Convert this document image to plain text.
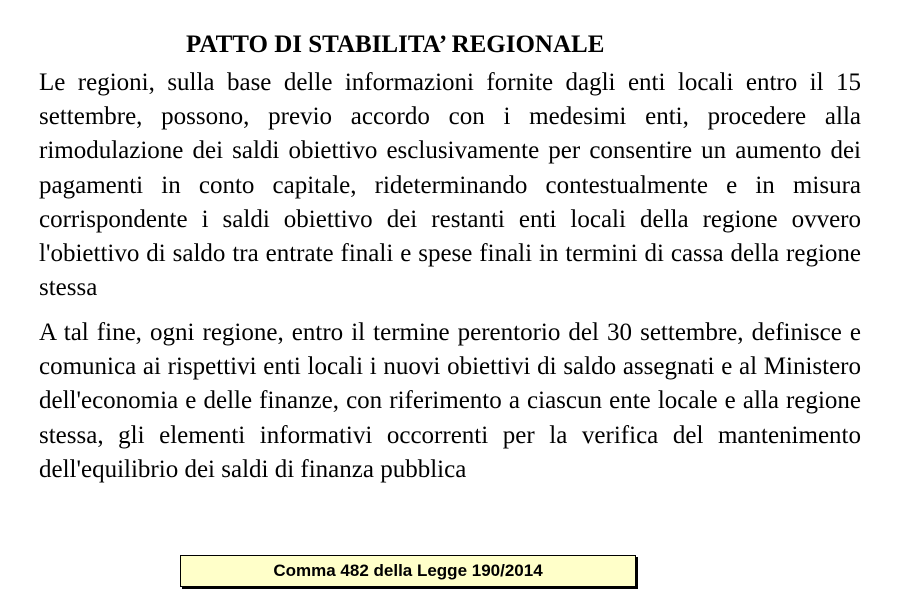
PATTO DI STABILITA’ REGIONALE

Le regioni, sulla base delle informazioni fornite dagli enti locali entro il 15 settembre, possono, previo accordo con i medesimi enti, procedere alla rimodulazione dei saldi obiettivo esclusivamente per consentire un aumento dei pagamenti in conto capitale, rideterminando contestualmente e in misura corrispondente i saldi obiettivo dei restanti enti locali della regione ovvero l'obiettivo di saldo tra entrate finali e spese finali in termini di cassa della regione stessa

A tal fine, ogni regione, entro il termine perentorio del 30 settembre, definisce e comunica ai rispettivi enti locali i nuovi obiettivi di saldo assegnati e al Ministero dell'economia e delle finanze, con riferimento a ciascun ente locale e alla regione stessa, gli elementi informativi occorrenti per la verifica del mantenimento dell'equilibrio dei saldi di finanza pubblica

Comma 482 della Legge 190/2014
